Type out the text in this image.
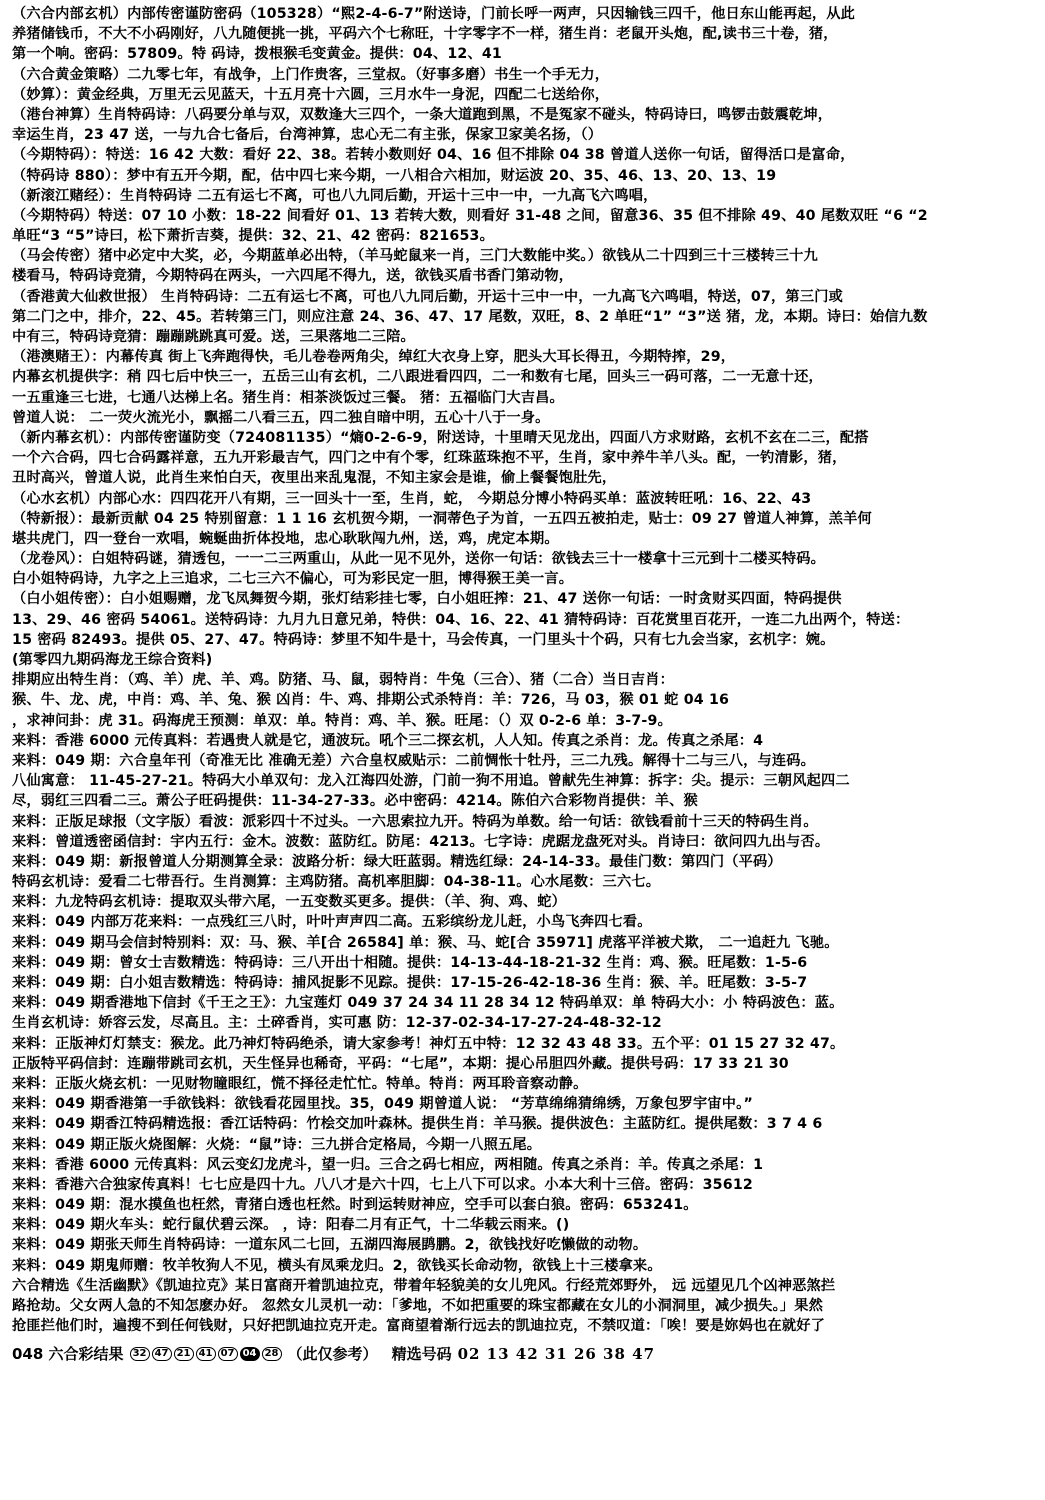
（六合内部玄机）内部传密谨防密码（105328）“熙2-4-6-7”附送诗，门前长呼一两声，只因输钱三四千，他日东山能再起，从此
养猪储钱币，不大不小码刚好，八九随便挑一挑，平码六个七称旺，十字零字不一样，猪生肖：老鼠开头炮，配,读书三十卷，猪，
第一个响。密码：57809。特 码诗，拨根猴毛变黄金。提供：04、12、41
（六合黄金策略）二九零七年，有战争，上门作贵客，三堂叔。（好事多磨）书生一个手无力，
（妙算）：黄金经典，万里无云见蓝天，十五月亮十六圆，三月水牛一身泥，四配二七送给你，
（港台神算）生肖特码诗：八码要分单与双，双数逢大三四个，一条大道跑到黑，不是冤家不碰头，特码诗曰，鸣锣击鼓震乾坤，
幸运生肖，23 47 送，一与九合七备后，台湾神算，忠心无二有主张，保家卫家美名扬，（）
（今期特码）：特送：16 42 大数：看好 22、38。若转小数则好 04、16 但不排除 04 38 曾道人送你一句话，留得活口是富命，
（特码诗 880）：梦中有五开今期，配，估中四七来今期，一八相合六相加，财运波 20、35、46、13、20、13、19
（新滚江赌经）：生肖特码诗 二五有运七不离，可也八九同后勤，开运十三中一中，一九高飞六鸣唱，
（今期特码）特送：07 10 小数：18-22 间看好 01、13 若转大数，则看好 31-48 之间，留意36、35 但不排除 49、40 尾数双旺 “6 “2
单旺“3 “5”诗曰，松下萧折吉葵，提供：32、21、42 密码：821653。
（马会传密）猪中必定中大奖，必，今期蓝单必出特，（羊马蛇鼠来一肖，三门大数能中奖。）欲钱从二十四到三十三楼转三十九
楼看马，特码诗竞猜，今期特码在两头，一六四尾不得九，送，欲钱买盾书香门第动物，
（香港黄大仙救世报） 生肖特码诗：二五有运七不离，可也八九同后勤，开运十三中一中，一九高飞六鸣唱，特送，07，第三门或
第二门之中，排介，22、45。若转第三门，则应注意 24、36、47、17 尾数，双旺，8、2 单旺“1” “3”送 猪，龙，本期。诗曰：始信九数
中有三，特码诗竞猜：蹦蹦跳跳真可爱。送，三果落地二三陪。
（港澳赌王）：内幕传真 街上飞奔跑得快，毛儿卷卷两角尖，绰红大衣身上穿，肥头大耳长得丑，今期特搾，29，
内幕玄机提供字：稍 四七后中快三一，五岳三山有玄机，二八跟进看四四，二一和数有七尾，回头三一码可落，二一无意十还，
一五重逢三七进，七通八达梯上名。猪生肖：相茶淡饭过三餐。 猪：五福临门大吉昌。
曾道人说： 二一荧火流光小，飘摇二八看三五，四二独自暗中明，五心十八于一身。
（新内幕玄机）：内部传密谨防变（724081135）“熵0-2-6-9，附送诗，十里晴天见龙出，四面八方求财路，玄机不玄在二三，配搭
一个六合码，四七合码露祥意，五九开彩最吉气，四门之中有个零，红珠蓝珠抱不平，生肖，家中养牛羊八头。配，一钓清影，猪，
丑时高兴，曾道人说，此肖生来怕白天，夜里出来乱鬼混，不知主家会是谁，偷上餐餐饱肚先，
（心水玄机）内部心水：四四花开八有期，三一回头十一至，生肖，蛇， 今期总分博小特码买单：蓝波转旺吼：16、22、43
（特新报）：最新贡献 04 25 特别留意：1 1 16 玄机贺今期，一洞蒂色子为首，一五四五被拍走，贴士：09 27 曾道人神算，羔羊何
堪共虎门，四一登台一欢唱，蜿蜒曲折体投地，忠心耿耿闯九州，送，鸡，虎定本期。
（龙卷风）：白姐特码谜，猜透包，一一二三两重山，从此一见不见外，送你一句话：欲钱去三十一楼拿十三元到十二楼买特码。
白小姐特码诗，九字之上三追求，二七三六不偏心，可为彩民定一胆，博得猴王美一言。
（白小姐传密）：白小姐赐赠，龙飞凤舞贺今期，张灯结彩挂七零，白小姐旺搾：21、47 送你一句话：一时贪财买四面，特码提供
13、29、46 密码 54061。送特码诗：九月九日意兄弟，特供：04、16、22、41 猜特码诗：百花赏里百花开，一连二九出两个，特送：
15 密码 82493。提供 05、27、47。特码诗：梦里不知牛是十，马会传真，一门里头十个码，只有七九会当家，玄机字：婉。
(第零四九期码海龙王综合资料)
排期应出特生肖：（鸡、羊）虎、羊、鸡。防猪、马、鼠，弱特肖：牛兔（三合）、猪（二合）当日吉肖：
猴、牛、龙、虎，中肖：鸡、羊、兔、猴 凶肖：牛、鸡、排期公式杀特肖：羊：726，马 03，猴 01 蛇 04 16
，求神问卦：虎 31。码海虎王预测：单双：单。特肖：鸡、羊、猴。旺尾：（）双 0-2-6 单：3-7-9。
来料：香港 6000 元传真料：若遇贵人就是它，通波玩。吼个三二探玄机，人人知。传真之杀肖：龙。传真之杀尾：4
来料：049 期：六合皇年刊（奇准无比 准确无差）六合皇权威贴示：二前惆怅十牡丹，三二九残。解得十二与三八，与连码。
八仙寓意： 11-45-27-21。特码大小单双句：龙入江海四处游，门前一狗不用追。曾献先生神算：拆字：尖。提示：三朝风起四二
尽，弱红三四看二三。萧公子旺码提供：11-34-27-33。必中密码：4214。陈伯六合彩物肖提供：羊、猴
来料：正版足球报（文字版）看波：派彩四十不过头。一六思索拉九开。特码为单数。给一句话：欲钱看前十三天的特码生肖。
来料：曾道透密函信封：宇内五行：金木。波数：蓝防红。防尾：4213。七字诗：虎踞龙盘死对头。肖诗曰：欲问四九出与否。
来料：049 期：新报曾道人分期测算全录：波路分析：绿大旺蓝弱。精选红绿：24-14-33。最佳门数：第四门（平码）
特码玄机诗：爱看二七带吾行。生肖测算：主鸡防猪。高机率胆脚：04-38-11。心水尾数：三六七。
来料：九龙特码玄机诗：提取双头带六尾，一五变数买更多。提供：（羊、狗、鸡、蛇）
来料：049 内部万花来料：一点残红三八时，叶叶声声四二高。五彩缤纷龙儿赶，小鸟飞奔四七看。
来料：049 期马会信封特别料：双：马、猴、羊[合 26584] 单：猴、马、蛇[合 35971] 虎落平洋被犬欺， 二一追赶九 飞驰。
来料：049 期：曾女士吉数精选：特码诗：三八开出十相随。提供：14-13-44-18-21-32 生肖：鸡、猴。旺尾数：1-5-6
来料：049 期：白小姐吉数精选：特码诗：捕风捉影不见踪。提供：17-15-26-42-18-36 生肖：猴、羊。旺尾数：3-5-7
来料：049 期香港地下信封《千王之王》：九宝莲灯 049 37 24 34 11 28 34 12 特码单双：单 特码大小：小 特码波色：蓝。
生肖玄机诗：娇容云发，尽高且。主：土碎香肖，实可惠 防：12-37-02-34-17-27-24-48-32-12
来料：正版神灯灯禁支：猴龙。此乃神灯特码绝杀，请大家参考！神灯五中特：12 32 43 48 33。五个平：01 15 27 32 47。
正版特平码信封：连蹦带跳司玄机，天生怪异也稀奇，平码：“七尾”，本期：提心吊胆四外藏。提供号码：17 33 21 30
来料：正版火烧玄机：一见财物瞳眼红，慌不择径走忙忙。特单。特肖：两耳聆音察动静。
来料：049 期香港第一手欲钱料：欲钱看花园里找。35，049 期曾道人说： “芳草绵绵猜绵绣，万象包罗宇宙中。”
来料：049 期香江特码精选报：香江话特码：竹桧交加叶森林。提供生肖：羊马猴。提供波色：主蓝防红。提供尾数：3 7 4 6
来料：049 期正版火烧图解：火烧：“鼠”诗：三九拼合定格局，今期一八照五尾。
来料：香港 6000 元传真料：风云变幻龙虎斗，望一归。三合之码七相应，两相随。传真之杀肖：羊。传真之杀尾：1
来料：香港六合独家传真料！七七应是四十九。八八才是六十四，七上八下可以求。小本大利十三倍。密码：35612
来料：049 期：混水摸鱼也枉然，青猪白透也枉然。时到运转财神应，空手可以套白狼。密码：653241。
来料：049 期火车头：蛇行鼠伏碧云深。 ，诗：阳春二月有正气，十二华载云雨来。()
来料：049 期张天师生肖特码诗：一道东风二七回，五湖四海展鹍鹏。2，欲钱找好吃懒做的动物。
来料：049 期鬼师赠：牧羊牧狗人不见，横头有凤乘龙归。2，欲钱买长命动物，欲钱上十三楼拿来。
六合精选《生活幽默》《凯迪拉克》某日富商开着凯迪拉克，带着年轻貌美的女儿兜风。行经荒郊野外， 远 远望见几个凶神恶煞拦
路抢劫。父女两人急的不知怎麽办好。 忽然女儿灵机一动：「爹地，不如把重要的珠宝都藏在女儿的小洞洞里，减少损失。」果然
抢匪拦他们时，遍搜不到任何钱财，只好把凯迪拉克开走。富商望着渐行远去的凯迪拉克，不禁叹道：「唉！要是妳妈也在就好了
048 六合彩结果 32 47 21 41 07 04 28 （此仅参考） 精选号码 02 13 42 31 26 38 47
